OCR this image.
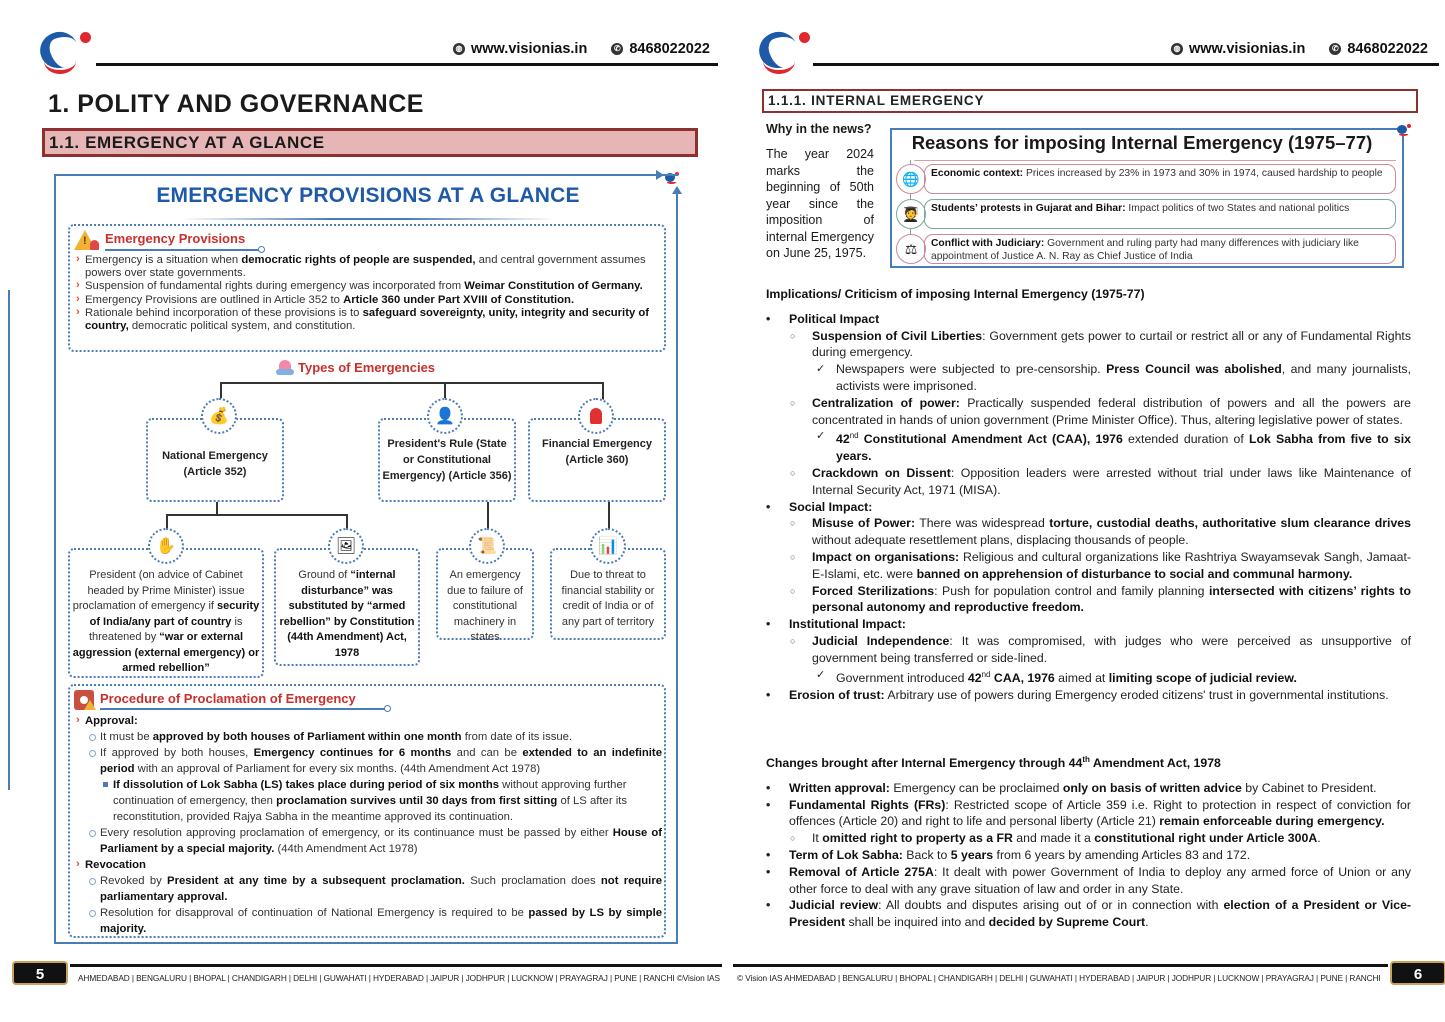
◍ www.visionias.in	✆ 8468022022
1. POLITY AND GOVERNANCE
1.1. EMERGENCY AT A GLANCE
EMERGENCY PROVISIONS AT A GLANCE
! Emergency Provisions
› Emergency is a situation when democratic rights of people are suspended, and central government assumes powers over state governments.
› Suspension of fundamental rights during emergency was incorporated from Weimar Constitution of Germany.
› Emergency Provisions are outlined in Article 352 to Article 360 under Part XVIII of Constitution.
› Rationale behind incorporation of these provisions is to safeguard sovereignty, unity, integrity and security of country, democratic political system, and constitution.
Types of Emergencies
💰
National Emergency (Article 352)
👤
President's Rule (State or Constitutional Emergency) (Article 356)
Financial Emergency (Article 360)
✋
President (on advice of Cabinet headed by Prime Minister) issue proclamation of emergency if security of India/any part of country is threatened by “war or external aggression (external emergency) or armed rebellion”
🖼
Ground of “internal disturbance” was substituted by “armed rebellion” by Constitution (44th Amendment) Act, 1978
📜
An emergency due to failure of constitutional machinery in states
📊
Due to threat to financial stability or credit of India or of any part of territory
Procedure of Proclamation of Emergency
› Approval:
It must be approved by both houses of Parliament within one month from date of its issue.
If approved by both houses, Emergency continues for 6 months and can be extended to an indefinite period with an approval of Parliament for every six months. (44th Amendment Act 1978)
If dissolution of Lok Sabha (LS) takes place during period of six months without approving further continuation of emergency, then proclamation survives until 30 days from first sitting of LS after its reconstitution, provided Rajya Sabha in the meantime approved its continuation.
Every resolution approving proclamation of emergency, or its continuance must be passed by either House of Parliament by a special majority. (44th Amendment Act 1978)
› Revocation
Revoked by President at any time by a subsequent proclamation. Such proclamation does not require parliamentary approval.
Resolution for disapproval of continuation of National Emergency is required to be passed by LS by simple majority.
5	AHMEDABAD | BENGALURU | BHOPAL | CHANDIGARH | DELHI | GUWAHATI | HYDERABAD | JAIPUR | JODHPUR | LUCKNOW | PRAYAGRAJ | PUNE | RANCHI ©Vision IAS
◍ www.visionias.in	✆ 8468022022
1.1.1. INTERNAL EMERGENCY
Why in the news?
The year 2024 marks the beginning of 50th year since the imposition of internal Emergency on June 25, 1975.
Reasons for imposing Internal Emergency (1975–77)
🌐	Economic context: Prices increased by 23% in 1973 and 30% in 1974, caused hardship to people
🧑‍🎓	Students’ protests in Gujarat and Bihar: Impact politics of two States and national politics
⚖	Conflict with Judiciary: Government and ruling party had many differences with judiciary like appointment of Justice A. N. Ray as Chief Justice of India
Implications/ Criticism of imposing Internal Emergency (1975-77)
• Political Impact
○ Suspension of Civil Liberties: Government gets power to curtail or restrict all or any of Fundamental Rights during emergency.
✓ Newspapers were subjected to pre-censorship. Press Council was abolished, and many journalists, activists were imprisoned.
○ Centralization of power: Practically suspended federal distribution of powers and all the powers are concentrated in hands of union government (Prime Minister Office). Thus, altering legislative power of states.
✓ 42nd Constitutional Amendment Act (CAA), 1976 extended duration of Lok Sabha from five to six years.
○ Crackdown on Dissent: Opposition leaders were arrested without trial under laws like Maintenance of Internal Security Act, 1971 (MISA).
• Social Impact:
○ Misuse of Power: There was widespread torture, custodial deaths, authoritative slum clearance drives without adequate resettlement plans, displacing thousands of people.
○ Impact on organisations: Religious and cultural organizations like Rashtriya Swayamsevak Sangh, Jamaat-E-Islami, etc. were banned on apprehension of disturbance to social and communal harmony.
○ Forced Sterilizations: Push for population control and family planning intersected with citizens’ rights to personal autonomy and reproductive freedom.
• Institutional Impact:
○ Judicial Independence: It was compromised, with judges who were perceived as unsupportive of government being transferred or side-lined.
✓ Government introduced 42nd CAA, 1976 aimed at limiting scope of judicial review.
• Erosion of trust: Arbitrary use of powers during Emergency eroded citizens' trust in governmental institutions.
Changes brought after Internal Emergency through 44th Amendment Act, 1978
• Written approval: Emergency can be proclaimed only on basis of written advice by Cabinet to President.
• Fundamental Rights (FRs): Restricted scope of Article 359 i.e. Right to protection in respect of conviction for offences (Article 20) and right to life and personal liberty (Article 21) remain enforceable during emergency.
○ It omitted right to property as a FR and made it a constitutional right under Article 300A.
• Term of Lok Sabha: Back to 5 years from 6 years by amending Articles 83 and 172.
• Removal of Article 275A: It dealt with power Government of India to deploy any armed force of Union or any other force to deal with any grave situation of law and order in any State.
• Judicial review: All doubts and disputes arising out of or in connection with election of a President or Vice-President shall be inquired into and decided by Supreme Court.
© Vision IAS AHMEDABAD | BENGALURU | BHOPAL | CHANDIGARH | DELHI | GUWAHATI | HYDERABAD | JAIPUR | JODHPUR | LUCKNOW | PRAYAGRAJ | PUNE | RANCHI	6
